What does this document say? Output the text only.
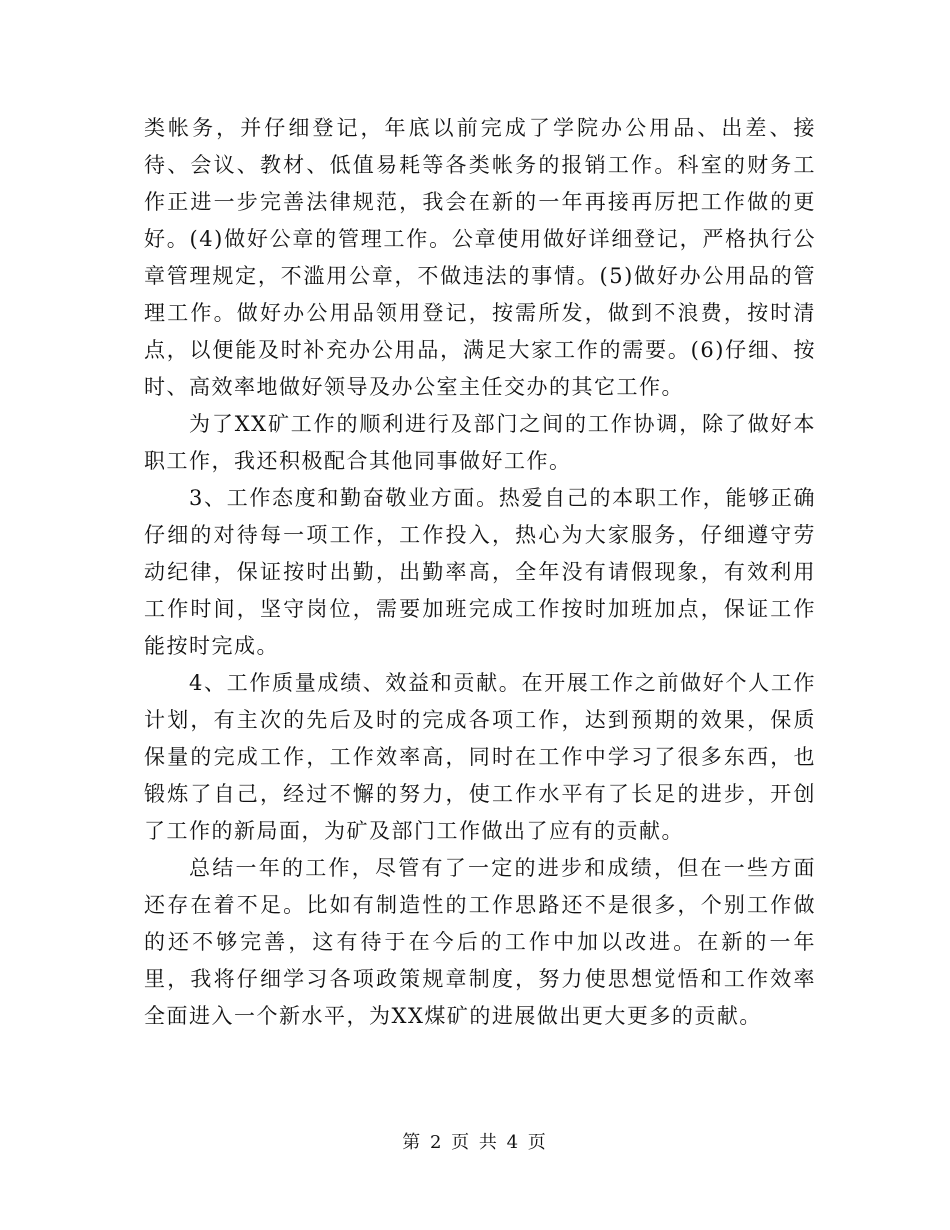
类帐务，并仔细登记，年底以前完成了学院办公用品、出差、接待、会议、教材、低值易耗等各类帐务的报销工作。科室的财务工作正进一步完善法律规范，我会在新的一年再接再厉把工作做的更好。(4)做好公章的管理工作。公章使用做好详细登记，严格执行公章管理规定，不滥用公章，不做违法的事情。(5)做好办公用品的管理工作。做好办公用品领用登记，按需所发，做到不浪费，按时清点，以便能及时补充办公用品，满足大家工作的需要。(6)仔细、按时、高效率地做好领导及办公室主任交办的其它工作。

为了XX矿工作的顺利进行及部门之间的工作协调，除了做好本职工作，我还积极配合其他同事做好工作。

3、工作态度和勤奋敬业方面。热爱自己的本职工作，能够正确仔细的对待每一项工作，工作投入，热心为大家服务，仔细遵守劳动纪律，保证按时出勤，出勤率高，全年没有请假现象，有效利用工作时间，坚守岗位，需要加班完成工作按时加班加点，保证工作能按时完成。

4、工作质量成绩、效益和贡献。在开展工作之前做好个人工作计划，有主次的先后及时的完成各项工作，达到预期的效果，保质保量的完成工作，工作效率高，同时在工作中学习了很多东西，也锻炼了自己，经过不懈的努力，使工作水平有了长足的进步，开创了工作的新局面，为矿及部门工作做出了应有的贡献。

总结一年的工作，尽管有了一定的进步和成绩，但在一些方面还存在着不足。比如有制造性的工作思路还不是很多，个别工作做的还不够完善，这有待于在今后的工作中加以改进。在新的一年里，我将仔细学习各项政策规章制度，努力使思想觉悟和工作效率全面进入一个新水平，为XX煤矿的进展做出更大更多的贡献。

第 2 页 共 4 页
